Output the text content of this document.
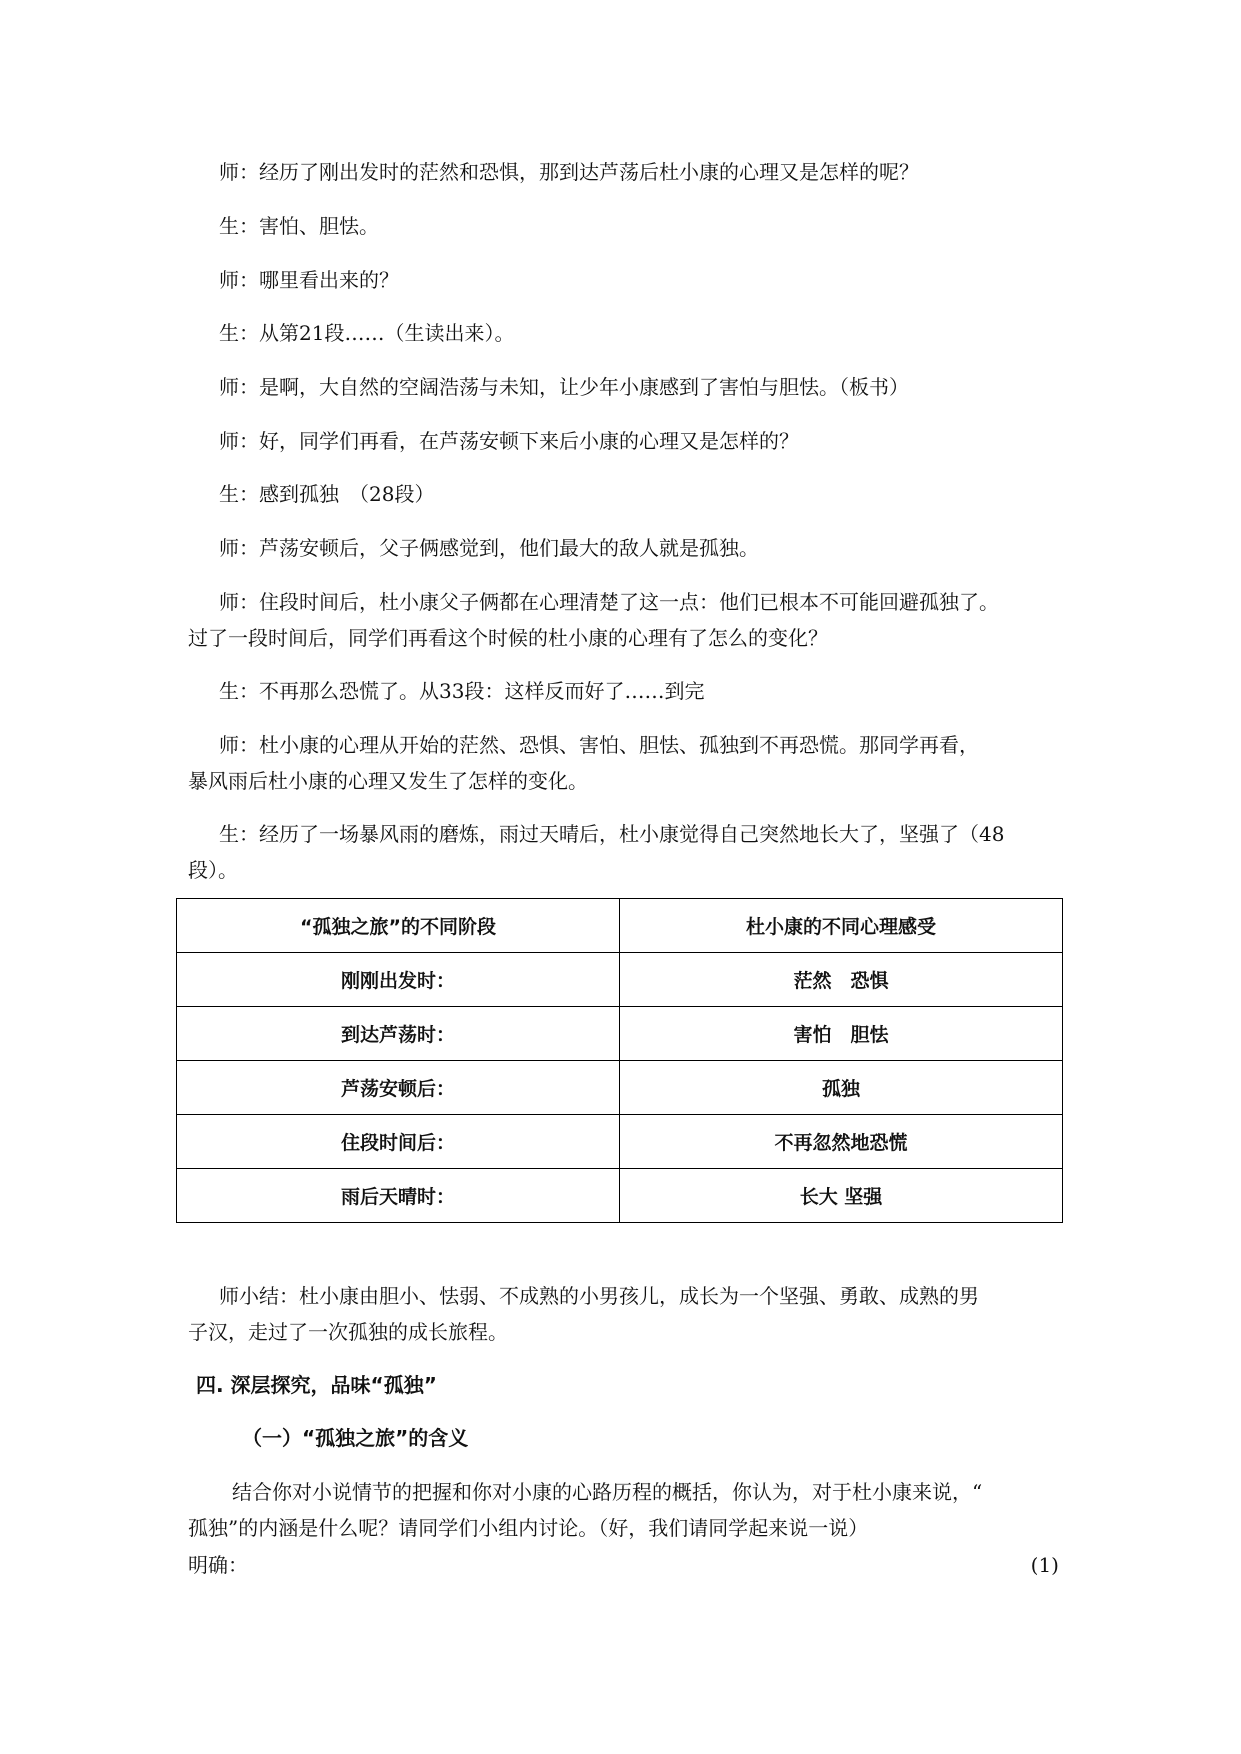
师：经历了刚出发时的茫然和恐惧，那到达芦荡后杜小康的心理又是怎样的呢？

生：害怕、胆怯。

师：哪里看出来的？

生：从第21段……（生读出来）。

师：是啊，大自然的空阔浩荡与未知，让少年小康感到了害怕与胆怯。（板书）

师：好，同学们再看，在芦荡安顿下来后小康的心理又是怎样的？

生：感到孤独　（28段）

师：芦荡安顿后，父子俩感觉到，他们最大的敌人就是孤独。

师：住段时间后，杜小康父子俩都在心理清楚了这一点：他们已根本不可能回避孤独了。

过了一段时间后，同学们再看这个时候的杜小康的心理有了怎么的变化？

生：不再那么恐慌了。从33段：这样反而好了……到完

师：杜小康的心理从开始的茫然、恐惧、害怕、胆怯、孤独到不再恐慌。那同学再看，

暴风雨后杜小康的心理又发生了怎样的变化。

生：经历了一场暴风雨的磨炼，雨过天晴后，杜小康觉得自己突然地长大了，坚强了（48

段）。

“孤独之旅”的不同阶段	杜小康的不同心理感受
刚刚出发时：	茫然　恐惧
到达芦荡时：	害怕　胆怯
芦荡安顿后：	孤独
住段时间后：	不再忽然地恐慌
雨后天晴时：	长大 坚强

师小结：杜小康由胆小、怯弱、不成熟的小男孩儿，成长为一个坚强、勇敢、成熟的男

子汉，走过了一次孤独的成长旅程。

四. 深层探究，品味“孤独”

（一）“孤独之旅”的含义

结合你对小说情节的把握和你对小康的心路历程的概括，你认为，对于杜小康来说，“

孤独”的内涵是什么呢？请同学们小组内讨论。（好，我们请同学起来说一说）

明确：	(1)
